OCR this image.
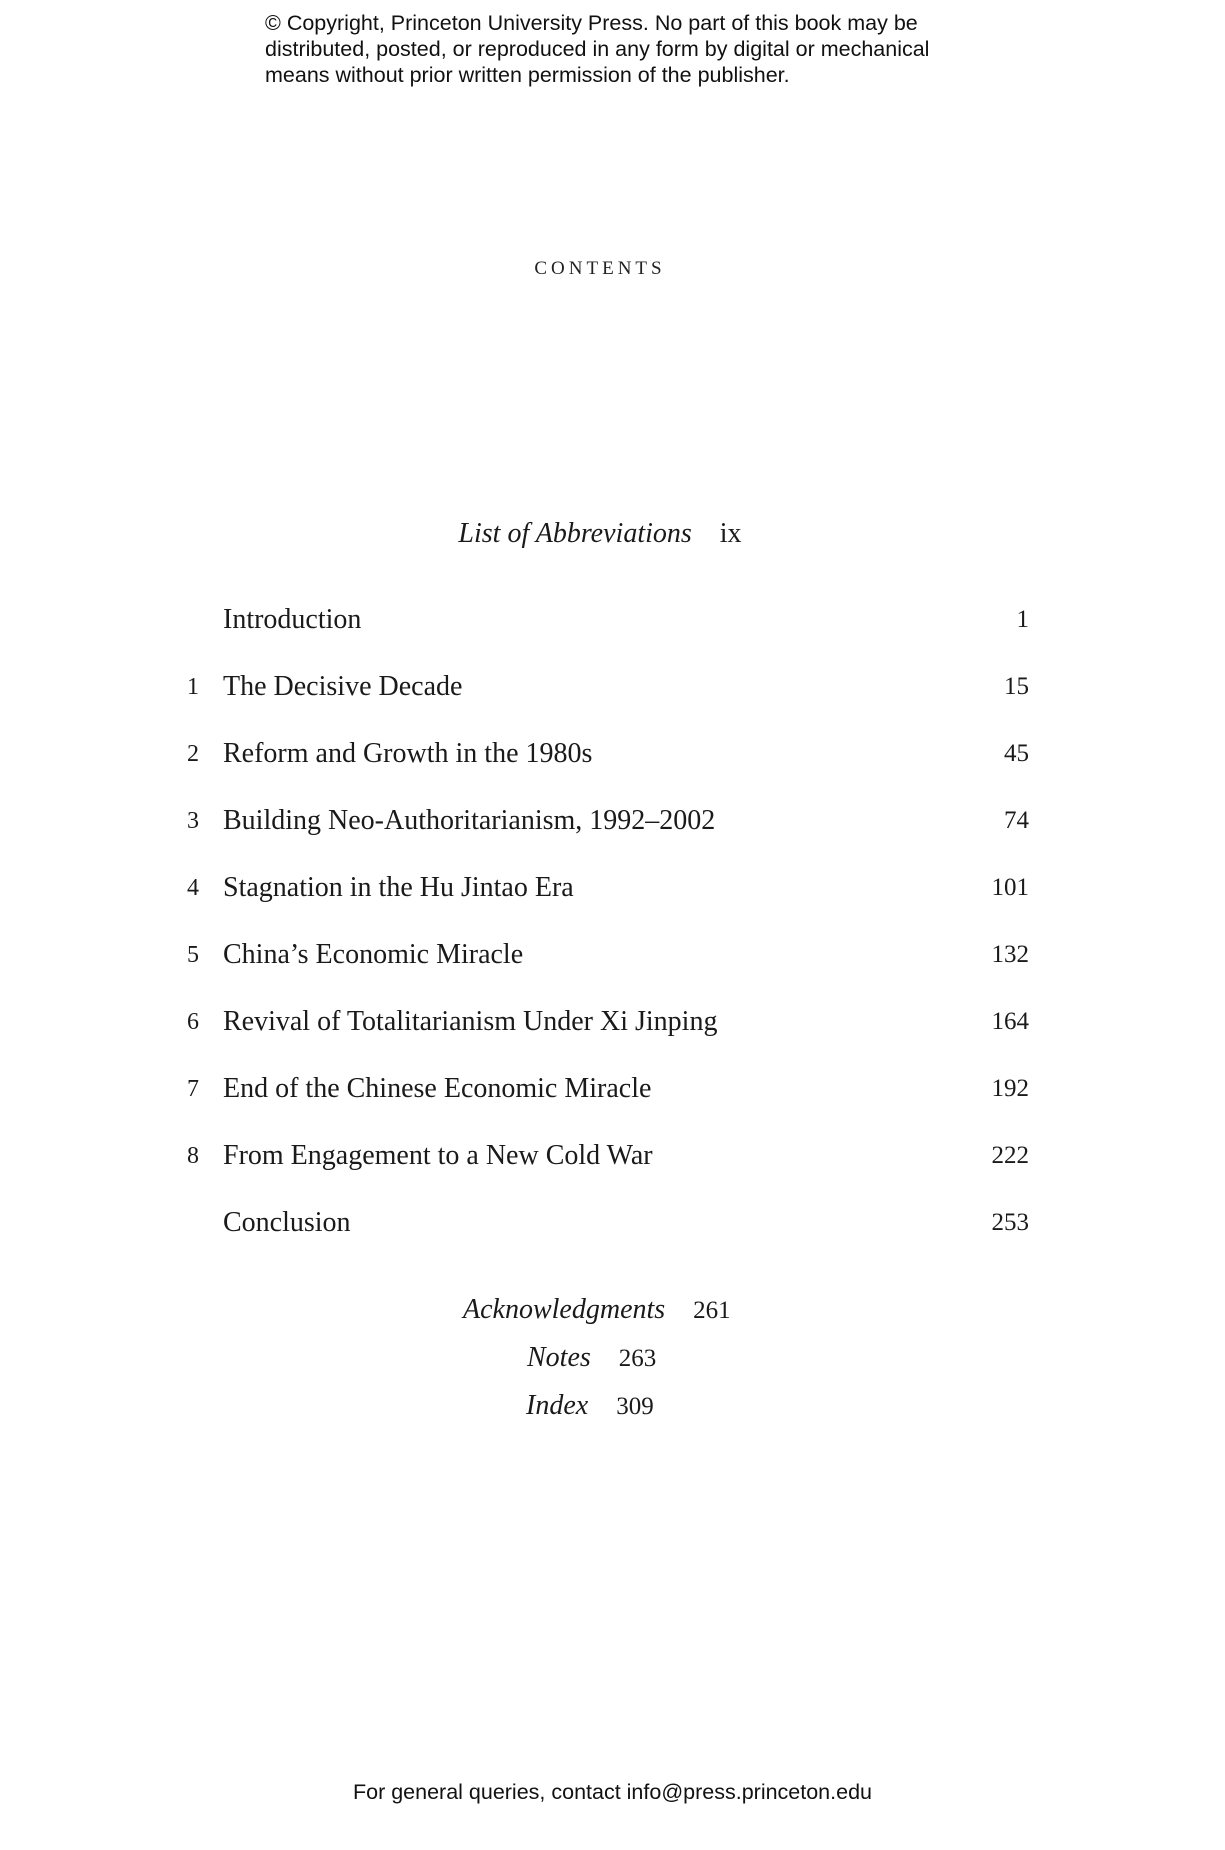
© Copyright, Princeton University Press. No part of this book may be
distributed, posted, or reproduced in any form by digital or mechanical
means without prior written permission of the publisher.
contents
List of Abbreviations ix
Introduction	1
1 The Decisive Decade	15
2 Reform and Growth in the 1980s	45
3 Building Neo-Authoritarianism, 1992–2002	74
4 Stagnation in the Hu Jintao Era	101
5 China’s Economic Miracle	132
6 Revival of Totalitarianism Under Xi Jinping	164
7 End of the Chinese Economic Miracle	192
8 From Engagement to a New Cold War	222
Conclusion	253
Acknowledgments 261
Notes 263
Index 309
For general queries, contact info@press.princeton.edu
